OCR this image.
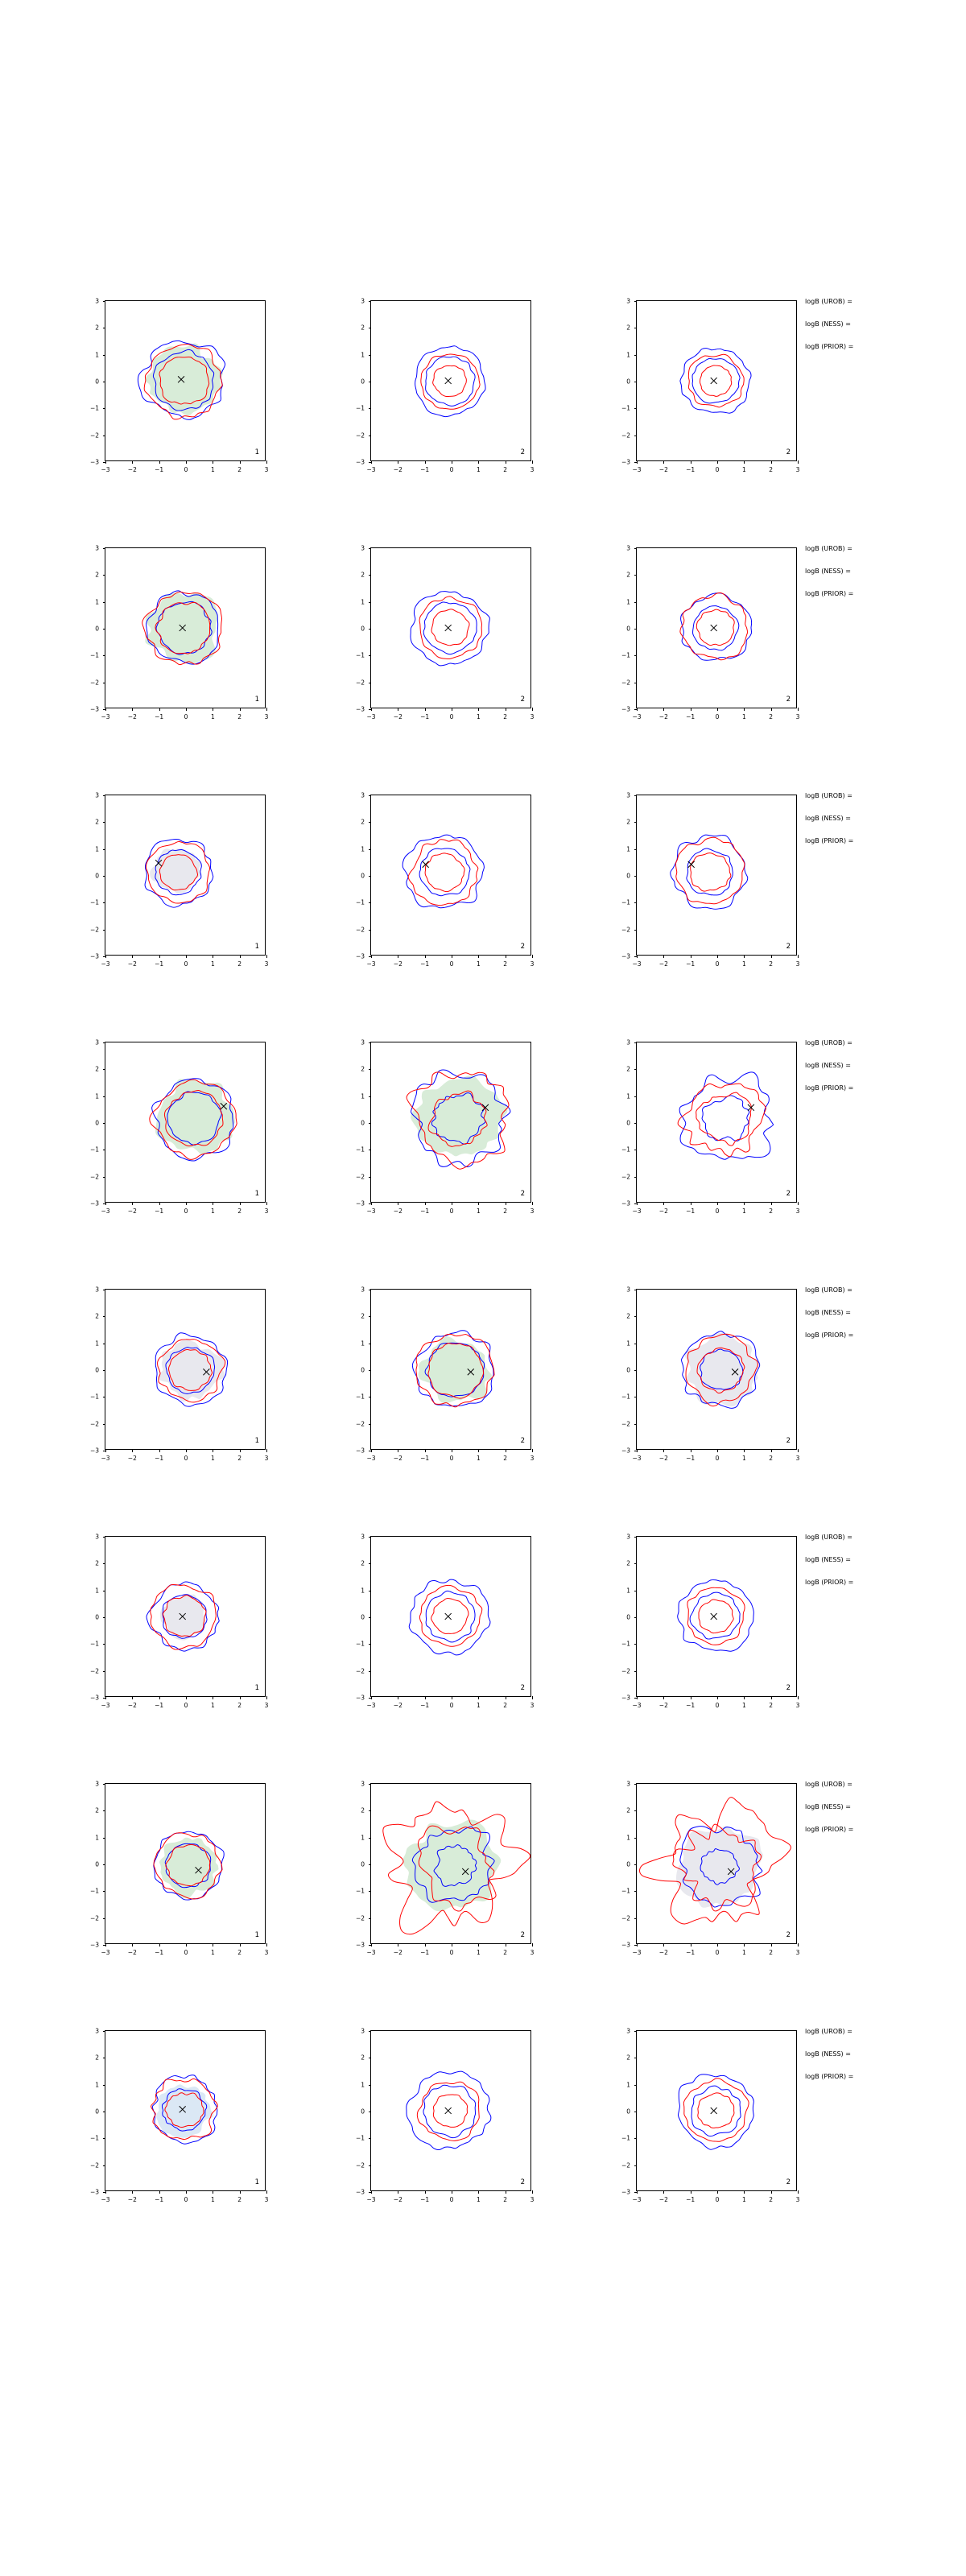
−3	−2	−1	0	1	2	3
−3
−2
−1
0
1
2
3
1
−3	−2	−1	0	1	2	3
−3
−2
−1
0
1
2
3
2
−3	−2	−1	0	1	2	3
−3
−2
−1
0
1
2
3
2
logB (UROB) =
logB (NESS) =
logB (PRIOR) =
−3	−2	−1	0	1	2	3
−3
−2
−1
0
1
2
3
1
−3	−2	−1	0	1	2	3
−3
−2
−1
0
1
2
3
2
−3	−2	−1	0	1	2	3
−3
−2
−1
0
1
2
3
2
logB (UROB) =
logB (NESS) =
logB (PRIOR) =
−3	−2	−1	0	1	2	3
−3
−2
−1
0
1
2
3
1
−3	−2	−1	0	1	2	3
−3
−2
−1
0
1
2
3
2
−3	−2	−1	0	1	2	3
−3
−2
−1
0
1
2
3
2
logB (UROB) =
logB (NESS) =
logB (PRIOR) =
−3	−2	−1	0	1	2	3
−3
−2
−1
0
1
2
3
1
−3	−2	−1	0	1	2	3
−3
−2
−1
0
1
2
3
2
−3	−2	−1	0	1	2	3
−3
−2
−1
0
1
2
3
2
logB (UROB) =
logB (NESS) =
logB (PRIOR) =
−3	−2	−1	0	1	2	3
−3
−2
−1
0
1
2
3
1
−3	−2	−1	0	1	2	3
−3
−2
−1
0
1
2
3
2
−3	−2	−1	0	1	2	3
−3
−2
−1
0
1
2
3
2
logB (UROB) =
logB (NESS) =
logB (PRIOR) =
−3	−2	−1	0	1	2	3
−3
−2
−1
0
1
2
3
1
−3	−2	−1	0	1	2	3
−3
−2
−1
0
1
2
3
2
−3	−2	−1	0	1	2	3
−3
−2
−1
0
1
2
3
2
logB (UROB) =
logB (NESS) =
logB (PRIOR) =
−3	−2	−1	0	1	2	3
−3
−2
−1
0
1
2
3
1
−3	−2	−1	0	1	2	3
−3
−2
−1
0
1
2
3
2
−3	−2	−1	0	1	2	3
−3
−2
−1
0
1
2
3
2
logB (UROB) =
logB (NESS) =
logB (PRIOR) =
−3	−2	−1	0	1	2	3
−3
−2
−1
0
1
2
3
1
−3	−2	−1	0	1	2	3
−3
−2
−1
0
1
2
3
2
−3	−2	−1	0	1	2	3
−3
−2
−1
0
1
2
3
2
logB (UROB) =
logB (NESS) =
logB (PRIOR) =
